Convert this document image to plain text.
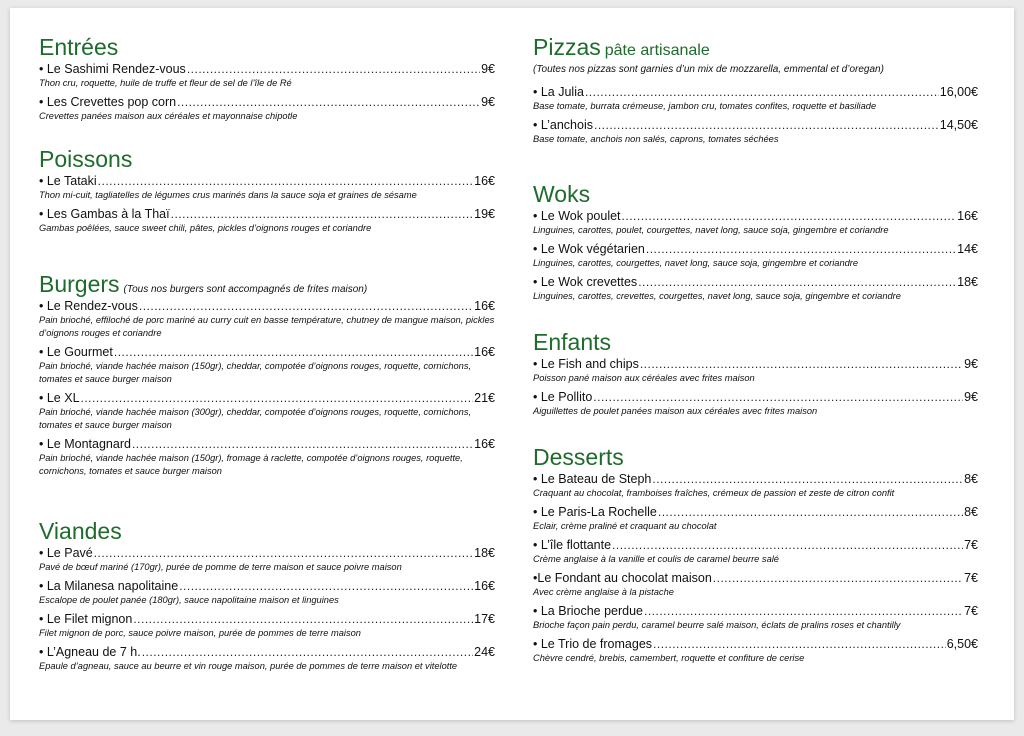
Entrées
• Le Sashimi Rendez-vous .....	9€
Thon cru, roquette, huile de truffe et fleur de sel de l’île de Ré
• Les Crevettes pop corn .....	9€
Crevettes panées maison aux céréales et mayonnaise chipotle
Poissons
• Le Tataki .....	16€
Thon mi-cuit, tagliatelles de légumes crus marinés dans la sauce soja et graines de sésame
• Les Gambas à la Thaï .....	19€
Gambas poêlées, sauce sweet chili, pâtes, pickles d’oignons rouges et coriandre
Burgers (Tous nos burgers sont accompagnés de frites maison)
• Le Rendez-vous .....	16€
Pain brioché, effiloché de porc mariné au curry cuit en basse température, chutney de mangue maison, pickles d’oignons rouges et coriandre
• Le Gourmet .....	16€
Pain brioché, viande hachée maison (150gr), cheddar, compotée d’oignons rouges, roquette, cornichons, tomates et sauce burger maison
• Le XL .....	21€
Pain brioché, viande hachée maison (300gr), cheddar, compotée d’oignons rouges, roquette, cornichons, tomates et sauce burger maison
• Le Montagnard .....	16€
Pain brioché, viande hachée maison (150gr), fromage à raclette, compotée d’oignons rouges, roquette, cornichons, tomates et sauce burger maison
Viandes
• Le Pavé .....	18€
Pavé de bœuf mariné (170gr), purée de pomme de terre maison et sauce poivre maison
• La Milanesa napolitaine .....	16€
Escalope de poulet panée (180gr), sauce napolitaine maison et linguines
• Le Filet mignon .....	17€
Filet mignon de porc, sauce poivre maison, purée de pommes de terre maison
• L’Agneau de 7 h. .....	24€
Epaule d’agneau, sauce au beurre et vin rouge maison, purée de pommes de terre maison et vitelotte
Pizzas pâte artisanale
(Toutes nos pizzas sont garnies d’un mix de mozzarella, emmental et d’oregan)
• La Julia .....	16,00€
Base tomate, burrata crémeuse, jambon cru, tomates confites, roquette et basiliade
• L’anchois .....	14,50€
Base tomate, anchois non salés, caprons, tomates séchées
Woks
• Le Wok poulet .....	16€
Linguines, carottes, poulet, courgettes, navet long, sauce soja, gingembre et coriandre
• Le Wok végétarien .....	14€
Linguines, carottes, courgettes, navet long, sauce soja, gingembre et coriandre
• Le Wok crevettes .....	18€
Linguines, carottes, crevettes, courgettes, navet long, sauce soja, gingembre et coriandre
Enfants
• Le Fish and chips .....	9€
Poisson pané maison aux céréales avec frites maison
• Le Pollito .....	9€
Aiguillettes de poulet panées maison aux céréales avec frites maison
Desserts
• Le Bateau de Steph .....	8€
Craquant au chocolat, framboises fraîches, crémeux de passion et zeste de citron confit
• Le Paris-La Rochelle .....	8€
Eclair, crème praliné et craquant au chocolat
• L’île flottante .....	7€
Crème anglaise à la vanille et coulis de caramel beurre salé
•Le Fondant au chocolat maison .....	7€
Avec crème anglaise à la pistache
• La Brioche perdue .....	7€
Brioche façon pain perdu, caramel beurre salé maison, éclats de pralins roses et chantilly
• Le Trio de fromages .....	6,50€
Chèvre cendré, brebis, camembert, roquette et confiture de cerise
